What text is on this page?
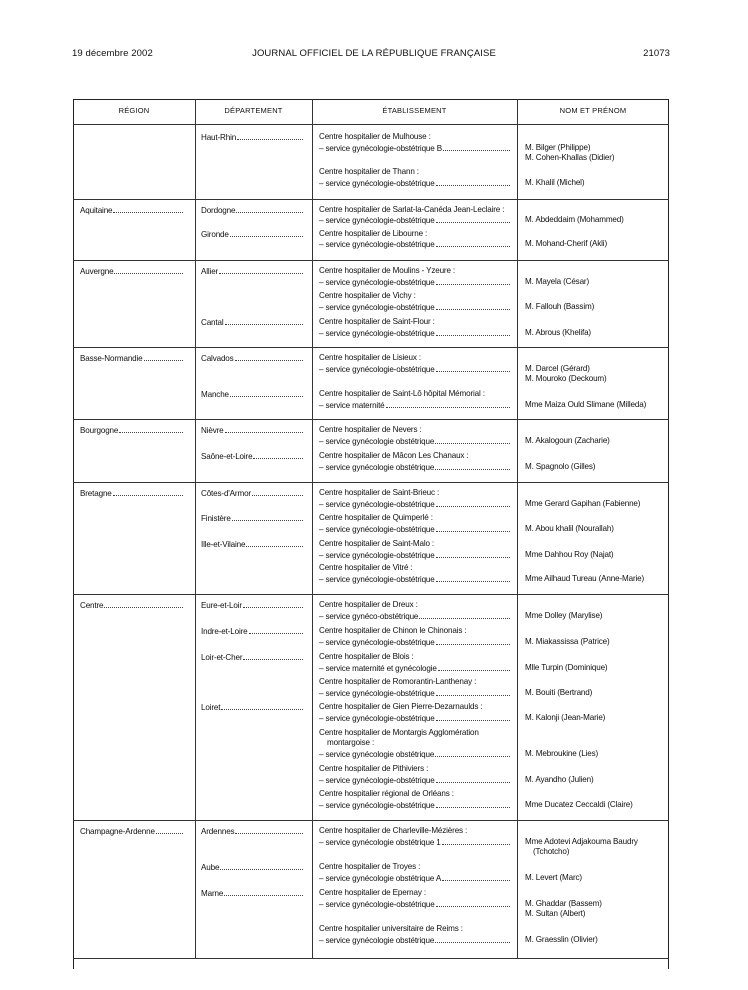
19 décembre 2002	JOURNAL OFFICIEL DE LA RÉPUBLIQUE FRANÇAISE	21073
RÉGION	DÉPARTEMENT	ÉTABLISSEMENT	NOM ET PRÉNOM
Haut-Rhin	Centre hospitalier de Mulhouse :
– service gynécologie-obstétrique B	M. Bilger (Philippe)
M. Cohen-Khallas (Didier)
Centre hospitalier de Thann :
– service gynécologie-obstétrique	M. Khalil (Michel)
Aquitaine	Dordogne	Centre hospitalier de Sarlat-la-Canéda Jean-Leclaire :
– service gynécologie-obstétrique	M. Abdeddaim (Mohammed)
Gironde	Centre hospitalier de Libourne :
– service gynécologie-obstétrique	M. Mohand-Cherif (Akli)
Auvergne	Allier	Centre hospitalier de Moulins - Yzeure :
– service gynécologie-obstétrique	M. Mayela (César)
Centre hospitalier de Vichy :
– service gynécologie-obstétrique	M. Fallouh (Bassim)
Cantal	Centre hospitalier de Saint-Flour :
– service gynécologie-obstétrique	M. Abrous (Khelifa)
Basse-Normandie	Calvados	Centre hospitalier de Lisieux :
– service gynécologie-obstétrique	M. Darcel (Gérard)
M. Mouroko (Deckoum)
Manche	Centre hospitalier de Saint-Lô hôpital Mémorial :
– service maternité	Mme Maiza Ould Slimane (Milleda)
Bourgogne	Nièvre	Centre hospitalier de Nevers :
– service gynécologie obstétrique	M. Akalogoun (Zacharie)
Saône-et-Loire	Centre hospitalier de Mâcon Les Chanaux :
– service gynécologie obstétrique	M. Spagnolo (Gilles)
Bretagne	Côtes-d'Armor	Centre hospitalier de Saint-Brieuc :
– service gynécologie-obstétrique	Mme Gerard Gapihan (Fabienne)
Finistère	Centre hospitalier de Quimperlé :
– service gynécologie-obstétrique	M. Abou khalil (Nourallah)
Ille-et-Vilaine	Centre hospitalier de Saint-Malo :
– service gynécologie-obstétrique	Mme Dahhou Roy (Najat)
Centre hospitalier de Vitré :
– service gynécologie-obstétrique	Mme Ailhaud Tureau (Anne-Marie)
Centre	Eure-et-Loir	Centre hospitalier de Dreux :
– service gynéco-obstétrique	Mme Dolley (Marylise)
Indre-et-Loire	Centre hospitalier de Chinon le Chinonais :
– service gynécologie-obstétrique	M. Miakassissa (Patrice)
Loir-et-Cher	Centre hospitalier de Blois :
– service maternité et gynécologie	Mlle Turpin (Dominique)
Centre hospitalier de Romorantin-Lanthenay :
– service gynécologie-obstétrique	M. Bouiti (Bertrand)
Loiret	Centre hospitalier de Gien Pierre-Dezarnaulds :
– service gynécologie-obstétrique	M. Kalonji (Jean-Marie)
Centre hospitalier de Montargis Agglomération
montargoise :
– service gynécologie obstétrique	M. Mebroukine (Lies)
Centre hospitalier de Pithiviers :
– service gynécologie-obstétrique	M. Ayandho (Julien)
Centre hospitalier régional de Orléans :
– service gynécologie-obstétrique	Mme Ducatez Ceccaldi (Claire)
Champagne-Ardenne	Ardennes	Centre hospitalier de Charleville-Mézières :
– service gynécologie obstétrique 1	Mme Adotevi Adjakouma Baudry
(Tchotcho)
Aube	Centre hospitalier de Troyes :
– service gynécologie obstétrique A	M. Levert (Marc)
Marne	Centre hospitalier de Epernay :
– service gynécologie-obstétrique	M. Ghaddar (Bassem)
M. Sultan (Albert)
Centre hospitalier universitaire de Reims :
– service gynécologie obstétrique	M. Graesslin (Olivier)
